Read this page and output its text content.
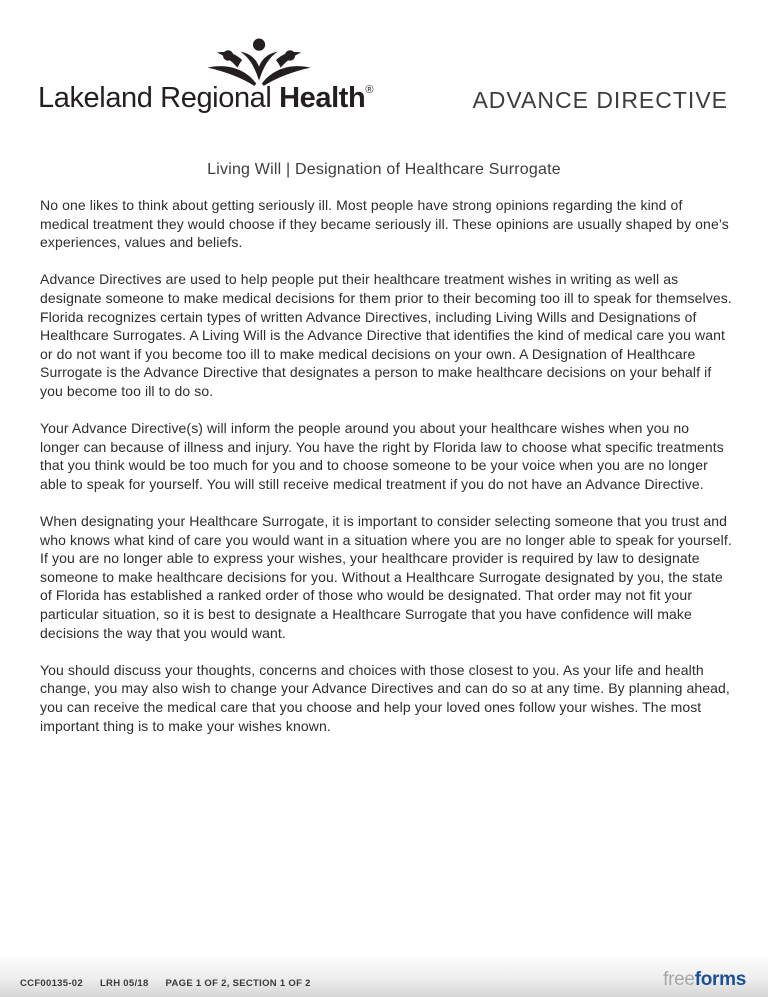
Lakeland Regional Health®	ADVANCE DIRECTIVE
Living Will | Designation of Healthcare Surrogate

No one likes to think about getting seriously ill. Most people have strong opinions regarding the kind of medical treatment they would choose if they became seriously ill. These opinions are usually shaped by one’s experiences, values and beliefs.

Advance Directives are used to help people put their healthcare treatment wishes in writing as well as designate someone to make medical decisions for them prior to their becoming too ill to speak for themselves. Florida recognizes certain types of written Advance Directives, including Living Wills and Designations of Healthcare Surrogates. A Living Will is the Advance Directive that identifies the kind of medical care you want or do not want if you become too ill to make medical decisions on your own. A Designation of Healthcare Surrogate is the Advance Directive that designates a person to make healthcare decisions on your behalf if you become too ill to do so.

Your Advance Directive(s) will inform the people around you about your healthcare wishes when you no longer can because of illness and injury. You have the right by Florida law to choose what specific treatments that you think would be too much for you and to choose someone to be your voice when you are no longer able to speak for yourself. You will still receive medical treatment if you do not have an Advance Directive.

When designating your Healthcare Surrogate, it is important to consider selecting someone that you trust and who knows what kind of care you would want in a situation where you are no longer able to speak for yourself. If you are no longer able to express your wishes, your healthcare provider is required by law to designate someone to make healthcare decisions for you. Without a Healthcare Surrogate designated by you, the state of Florida has established a ranked order of those who would be designated. That order may not fit your particular situation, so it is best to designate a Healthcare Surrogate that you have confidence will make decisions the way that you would want.

You should discuss your thoughts, concerns and choices with those closest to you. As your life and health change, you may also wish to change your Advance Directives and can do so at any time. By planning ahead, you can receive the medical care that you choose and help your loved ones follow your wishes. The most important thing is to make your wishes known.

CCF00135-02 LRH 05/18 PAGE 1 OF 2, SECTION 1 OF 2	freeforms
